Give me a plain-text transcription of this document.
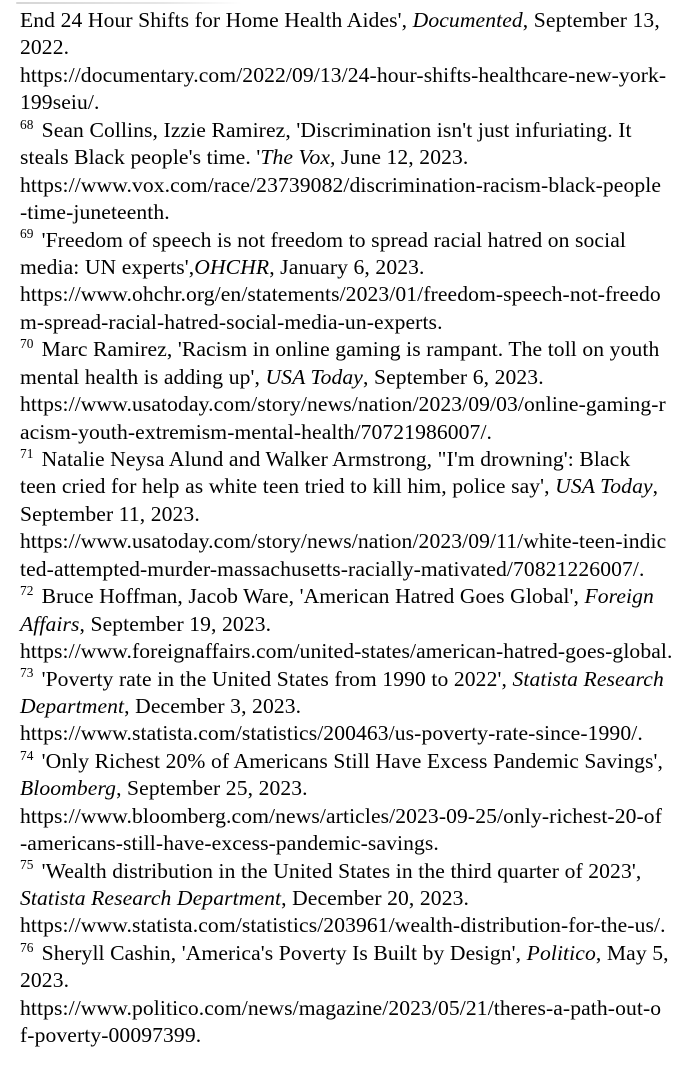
End 24 Hour Shifts for Home Health Aides', Documented, September 13,
2022.
https://documentary.com/2022/09/13/24-hour-shifts-healthcare-new-york-
199seiu/.
$^{68}$ Sean Collins, Izzie Ramirez, 'Discrimination isn't just infuriating. It
steals Black people's time. 'The Vox, June 12, 2023.
https://www.vox.com/race/23739082/discrimination-racism-black-people
-time-juneteenth.
$^{69}$ 'Freedom of speech is not freedom to spread racial hatred on social
media: UN experts',OHCHR, January 6, 2023.
https://www.ohchr.org/en/statements/2023/01/freedom-speech-not-freedo
m-spread-racial-hatred-social-media-un-experts.
$^{70}$ Marc Ramirez, 'Racism in online gaming is rampant. The toll on youth
mental health is adding up', USA Today, September 6, 2023.
https://www.usatoday.com/story/news/nation/2023/09/03/online-gaming-r
acism-youth-extremism-mental-health/70721986007/.
$^{71}$ Natalie Neysa Alund and Walker Armstrong, "I'm drowning': Black
teen cried for help as white teen tried to kill him, police say', USA Today,
September 11, 2023.
https://www.usatoday.com/story/news/nation/2023/09/11/white-teen-indic
ted-attempted-murder-massachusetts-racially-mativated/70821226007/.
$^{72}$ Bruce Hoffman, Jacob Ware, 'American Hatred Goes Global', Foreign
Affairs, September 19, 2023.
https://www.foreignaffairs.com/united-states/american-hatred-goes-global.
$^{73}$ 'Poverty rate in the United States from 1990 to 2022', Statista Research
Department, December 3, 2023.
https://www.statista.com/statistics/200463/us-poverty-rate-since-1990/.
$^{74}$ 'Only Richest 20% of Americans Still Have Excess Pandemic Savings',
Bloomberg, September 25, 2023.
https://www.bloomberg.com/news/articles/2023-09-25/only-richest-20-of
-americans-still-have-excess-pandemic-savings.
$^{75}$ 'Wealth distribution in the United States in the third quarter of 2023',
Statista Research Department, December 20, 2023.
https://www.statista.com/statistics/203961/wealth-distribution-for-the-us/.
$^{76}$ Sheryll Cashin, 'America's Poverty Is Built by Design', Politico, May 5,
2023.
https://www.politico.com/news/magazine/2023/05/21/theres-a-path-out-o
f-poverty-00097399.
